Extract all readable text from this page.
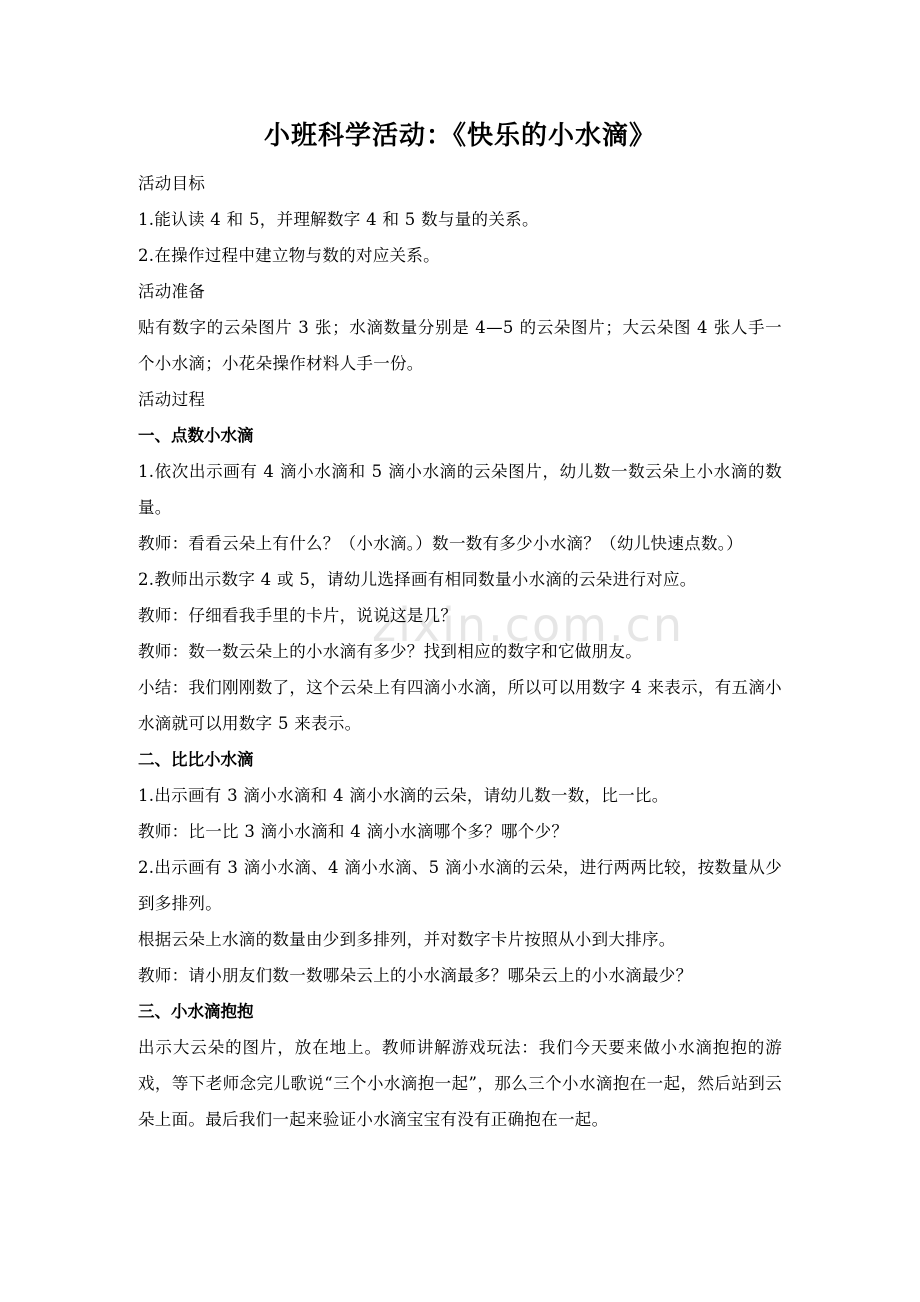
zixin.com.cn
小班科学活动：《快乐的小水滴》

活动目标

1.能认读 4 和 5，并理解数字 4 和 5 数与量的关系。

2.在操作过程中建立物与数的对应关系。

活动准备

贴有数字的云朵图片 3 张；水滴数量分别是 4—5 的云朵图片；大云朵图 4 张人手一个小水滴；小花朵操作材料人手一份。

活动过程

一、点数小水滴

1.依次出示画有 4 滴小水滴和 5 滴小水滴的云朵图片，幼儿数一数云朵上小水滴的数量。

教师：看看云朵上有什么？（小水滴。）数一数有多少小水滴？（幼儿快速点数。）

2.教师出示数字 4 或 5，请幼儿选择画有相同数量小水滴的云朵进行对应。

教师：仔细看我手里的卡片，说说这是几？

教师：数一数云朵上的小水滴有多少？找到相应的数字和它做朋友。

小结：我们刚刚数了，这个云朵上有四滴小水滴，所以可以用数字 4 来表示，有五滴小水滴就可以用数字 5 来表示。

二、比比小水滴

1.出示画有 3 滴小水滴和 4 滴小水滴的云朵，请幼儿数一数，比一比。

教师：比一比 3 滴小水滴和 4 滴小水滴哪个多？哪个少？

2.出示画有 3 滴小水滴、4 滴小水滴、5 滴小水滴的云朵，进行两两比较，按数量从少到多排列。

根据云朵上水滴的数量由少到多排列，并对数字卡片按照从小到大排序。

教师：请小朋友们数一数哪朵云上的小水滴最多？哪朵云上的小水滴最少？

三、小水滴抱抱

出示大云朵的图片，放在地上。教师讲解游戏玩法：我们今天要来做小水滴抱抱的游戏，等下老师念完儿歌说“三个小水滴抱一起”，那么三个小水滴抱在一起，然后站到云朵上面。最后我们一起来验证小水滴宝宝有没有正确抱在一起。
